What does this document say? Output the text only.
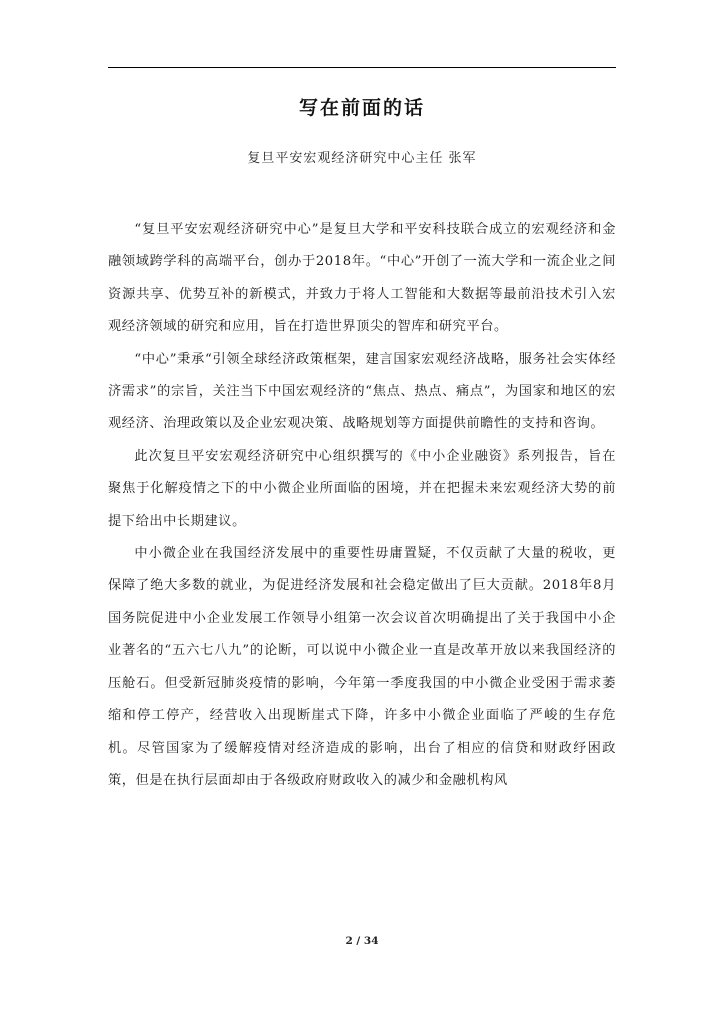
写在前面的话
复旦平安宏观经济研究中心主任 张军

“复旦平安宏观经济研究中心”是复旦大学和平安科技联合成立的宏观经济和金融领域跨学科的高端平台，创办于2018年。“中心”开创了一流大学和一流企业之间资源共享、优势互补的新模式，并致力于将人工智能和大数据等最前沿技术引入宏观经济领域的研究和应用，旨在打造世界顶尖的智库和研究平台。

“中心”秉承“引领全球经济政策框架，建言国家宏观经济战略，服务社会实体经济需求”的宗旨，关注当下中国宏观经济的“焦点、热点、痛点”，为国家和地区的宏观经济、治理政策以及企业宏观决策、战略规划等方面提供前瞻性的支持和咨询。

此次复旦平安宏观经济研究中心组织撰写的《中小企业融资》系列报告，旨在聚焦于化解疫情之下的中小微企业所面临的困境，并在把握未来宏观经济大势的前提下给出中长期建议。

中小微企业在我国经济发展中的重要性毋庸置疑，不仅贡献了大量的税收，更保障了绝大多数的就业，为促进经济发展和社会稳定做出了巨大贡献。2018年8月国务院促进中小企业发展工作领导小组第一次会议首次明确提出了关于我国中小企业著名的“五六七八九”的论断，可以说中小微企业一直是改革开放以来我国经济的压舱石。但受新冠肺炎疫情的影响，今年第一季度我国的中小微企业受困于需求萎缩和停工停产，经营收入出现断崖式下降，许多中小微企业面临了严峻的生存危机。尽管国家为了缓解疫情对经济造成的影响，出台了相应的信贷和财政纾困政策，但是在执行层面却由于各级政府财政收入的减少和金融机构风

2 / 34
